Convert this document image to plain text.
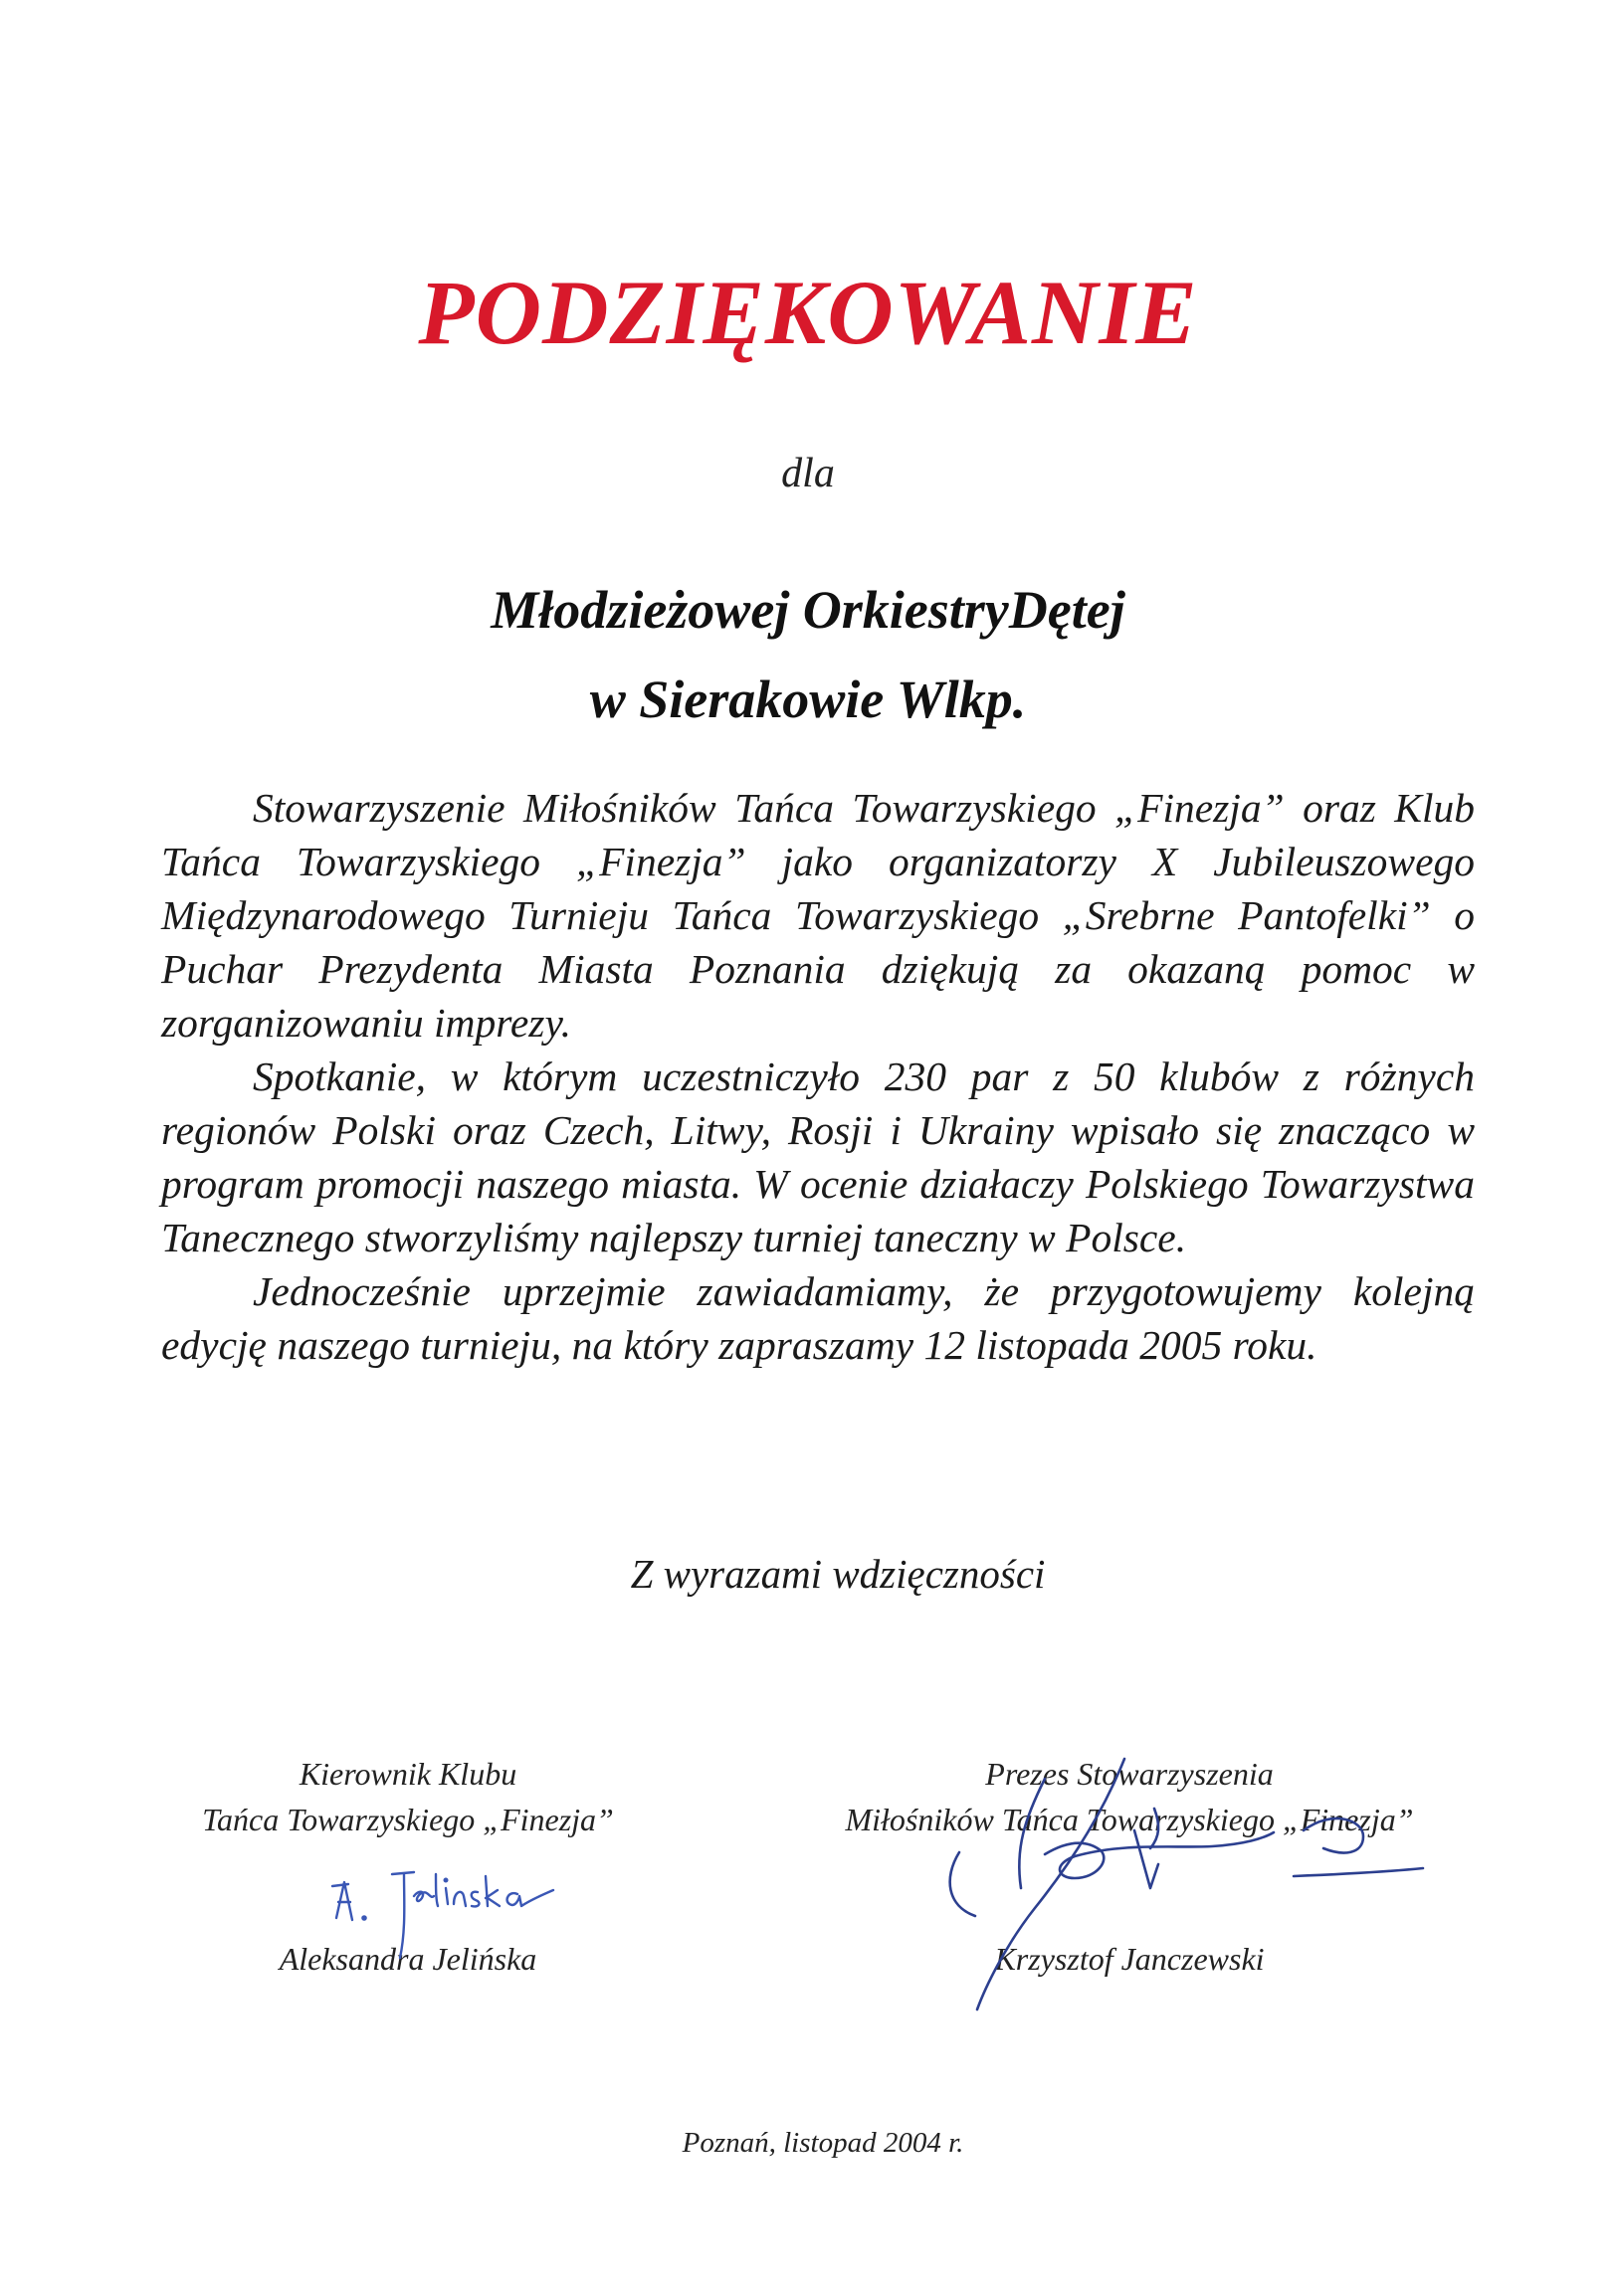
PODZIĘKOWANIE
dla
Młodzieżowej OrkiestryDętej
w Sierakowie Wlkp.

Stowarzyszenie Miłośników Tańca Towarzyskiego „Finezja” oraz Klub Tańca Towarzyskiego „Finezja” jako organizatorzy X Jubileuszowego Międzynarodowego Turnieju Tańca Towarzyskiego „Srebrne Pantofelki” o Puchar Prezydenta Miasta Poznania dziękują za okazaną pomoc w zorganizowaniu imprezy.

Spotkanie, w którym uczestniczyło 230 par z 50 klubów z różnych regionów Polski oraz Czech, Litwy, Rosji i Ukrainy wpisało się znacząco w program promocji naszego miasta. W ocenie działaczy Polskiego Towarzystwa Tanecznego stworzyliśmy najlepszy turniej taneczny w Polsce.

Jednocześnie uprzejmie zawiadamiamy, że przygotowujemy kolejną edycję naszego turnieju, na który zapraszamy 12 listopada 2005 roku.

Z wyrazami wdzięczności
Kierownik Klubu
Tańca Towarzyskiego „Finezja”
Aleksandra Jelińska
Prezes Stowarzyszenia
Miłośników Tańca Towarzyskiego „Finezja”
Krzysztof Janczewski
Poznań, listopad 2004 r.
